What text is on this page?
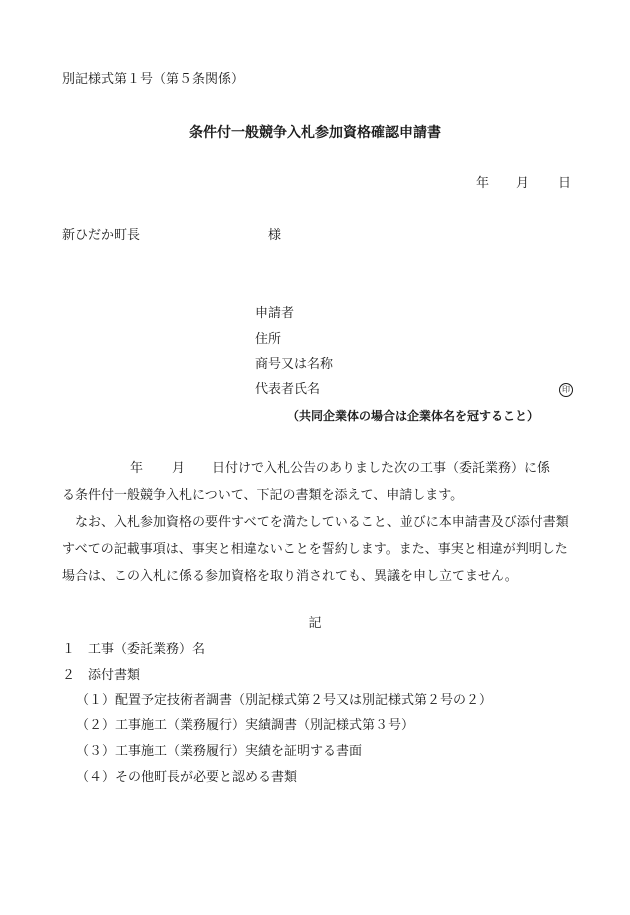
別記様式第１号（第５条関係）
条件付一般競争入札参加資格確認申請書
年 月 日
新ひだか町長	様
申請者
住所
商号又は名称
代表者氏名	印
（共同企業体の場合は企業体名を冠すること）
年 月 日付けで入札公告のありました次の工事（委託業務）に係
る条件付一般競争入札について、下記の書類を添えて、申請します。

なお、入札参加資格の要件すべてを満たしていること、並びに本申請書及び添付書類すべての記載事項は、事実と相違ないことを誓約します。また、事実と相違が判明した場合は、この入札に係る参加資格を取り消されても、異議を申し立てません。

記
１ 工事（委託業務）名
２ 添付書類
（１）配置予定技術者調書（別記様式第２号又は別記様式第２号の２）
（２）工事施工（業務履行）実績調書（別記様式第３号）
（３）工事施工（業務履行）実績を証明する書面
（４）その他町長が必要と認める書類
